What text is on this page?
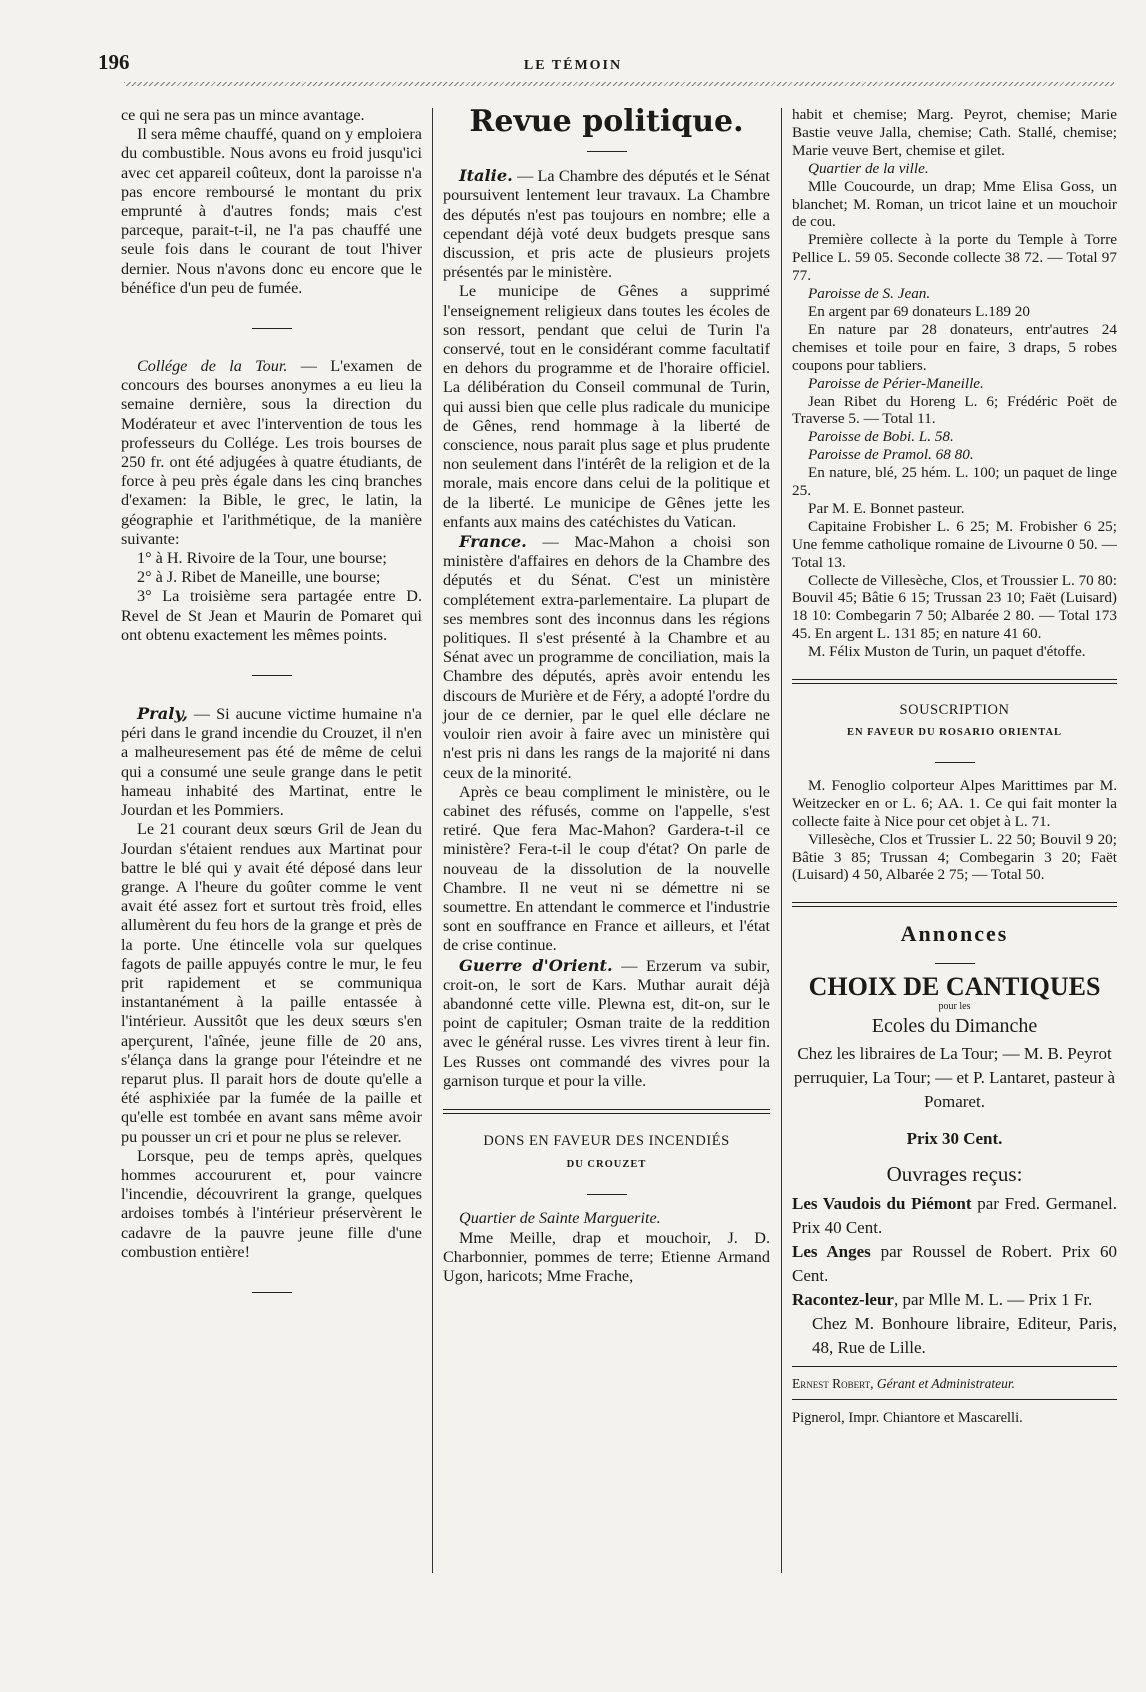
196	LE TÉMOIN

ce qui ne sera pas un mince avantage.

Il sera même chauffé, quand on y emploiera du combustible. Nous avons eu froid jusqu'ici avec cet appareil coûteux, dont la paroisse n'a pas encore remboursé le montant du prix emprunté à d'autres fonds; mais c'est parceque, parait-t-il, ne l'a pas chauffé une seule fois dans le courant de tout l'hiver dernier. Nous n'avons donc eu encore que le bénéfice d'un peu de fumée.

Collége de la Tour. — L'examen de concours des bourses anonymes a eu lieu la semaine dernière, sous la direction du Modérateur et avec l'intervention de tous les professeurs du Collége. Les trois bourses de 250 fr. ont été adjugées à quatre étudiants, de force à peu près égale dans les cinq branches d'examen: la Bible, le grec, le latin, la géographie et l'arithmétique, de la manière suivante:

1° à H. Rivoire de la Tour, une bourse;

2° à J. Ribet de Maneille, une bourse;

3° La troisième sera partagée entre D. Revel de St Jean et Maurin de Pomaret qui ont obtenu exactement les mêmes points.

Praly, — Si aucune victime humaine n'a péri dans le grand incendie du Crouzet, il n'en a malheuresement pas été de même de celui qui a consumé une seule grange dans le petit hameau inhabité des Martinat, entre le Jourdan et les Pommiers.

Le 21 courant deux sœurs Gril de Jean du Jourdan s'étaient rendues aux Martinat pour battre le blé qui y avait été déposé dans leur grange. A l'heure du goûter comme le vent avait été assez fort et surtout très froid, elles allumèrent du feu hors de la grange et près de la porte. Une étincelle vola sur quelques fagots de paille appuyés contre le mur, le feu prit rapidement et se communiqua instantanément à la paille entassée à l'intérieur. Aussitôt que les deux sœurs s'en aperçurent, l'aînée, jeune fille de 20 ans, s'élança dans la grange pour l'éteindre et ne reparut plus. Il parait hors de doute qu'elle a été asphixiée par la fumée de la paille et qu'elle est tombée en avant sans même avoir pu pousser un cri et pour ne plus se relever.

Lorsque, peu de temps après, quelques hommes accoururent et, pour vaincre l'incendie, découvrirent la grange, quelques ardoises tombés à l'intérieur préservèrent le cadavre de la pauvre jeune fille d'une combustion entière!

Revue politique.

Italie. — La Chambre des députés et le Sénat poursuivent lentement leur travaux. La Chambre des députés n'est pas toujours en nombre; elle a cependant déjà voté deux budgets presque sans discussion, et pris acte de plusieurs projets présentés par le ministère.

Le municipe de Gênes a supprimé l'enseignement religieux dans toutes les écoles de son ressort, pendant que celui de Turin l'a conservé, tout en le considérant comme facultatif en dehors du programme et de l'horaire officiel. La délibération du Conseil communal de Turin, qui aussi bien que celle plus radicale du municipe de Gênes, rend hommage à la liberté de conscience, nous parait plus sage et plus prudente non seulement dans l'intérêt de la religion et de la morale, mais encore dans celui de la politique et de la liberté. Le municipe de Gênes jette les enfants aux mains des catéchistes du Vatican.

France. — Mac-Mahon a choisi son ministère d'affaires en dehors de la Chambre des députés et du Sénat. C'est un ministère complétement extra-parlementaire. La plupart de ses membres sont des inconnus dans les régions politiques. Il s'est présenté à la Chambre et au Sénat avec un programme de conciliation, mais la Chambre des députés, après avoir entendu les discours de Murière et de Féry, a adopté l'ordre du jour de ce dernier, par le quel elle déclare ne vouloir rien avoir à faire avec un ministère qui n'est pris ni dans les rangs de la majorité ni dans ceux de la minorité.

Après ce beau compliment le ministère, ou le cabinet des réfusés, comme on l'appelle, s'est retiré. Que fera Mac-Mahon? Gardera-t-il ce ministère? Fera-t-il le coup d'état? On parle de nouveau de la dissolution de la nouvelle Chambre. Il ne veut ni se démettre ni se soumettre. En attendant le commerce et l'industrie sont en souffrance en France et ailleurs, et l'état de crise continue.

Guerre d'Orient. — Erzerum va subir, croit-on, le sort de Kars. Muthar aurait déjà abandonné cette ville. Plewna est, dit-on, sur le point de capituler; Osman traite de la reddition avec le général russe. Les vivres tirent à leur fin. Les Russes ont commandé des vivres pour la garnison turque et pour la ville.

DONS EN FAVEUR DES INCENDIÉS
DU CROUZET

Quartier de Sainte Marguerite.

Mme Meille, drap et mouchoir, J. D. Charbonnier, pommes de terre; Etienne Armand Ugon, haricots; Mme Frache,

habit et chemise; Marg. Peyrot, chemise; Marie Bastie veuve Jalla, chemise; Cath. Stallé, chemise; Marie veuve Bert, chemise et gilet.

Quartier de la ville.

Mlle Coucourde, un drap; Mme Elisa Goss, un blanchet; M. Roman, un tricot laine et un mouchoir de cou.

Première collecte à la porte du Temple à Torre Pellice L. 59 05. Seconde collecte 38 72. — Total 97 77.

Paroisse de S. Jean.

En argent par 69 donateurs L.189 20

En nature par 28 donateurs, entr'autres 24 chemises et toile pour en faire, 3 draps, 5 robes coupons pour tabliers.

Paroisse de Périer-Maneille.

Jean Ribet du Horeng L. 6; Frédéric Poët de Traverse 5. — Total 11.

Paroisse de Bobi. L. 58.

Paroisse de Pramol. 68 80.

En nature, blé, 25 hém. L. 100; un paquet de linge 25.

Par M. E. Bonnet pasteur.

Capitaine Frobisher L. 6 25; M. Frobisher 6 25; Une femme catholique romaine de Livourne 0 50. — Total 13.

Collecte de Villesèche, Clos, et Troussier L. 70 80: Bouvil 45; Bâtie 6 15; Trussan 23 10; Faët (Luisard) 18 10: Combegarin 7 50; Albarée 2 80. — Total 173 45. En argent L. 131 85; en nature 41 60.

M. Félix Muston de Turin, un paquet d'étoffe.

SOUSCRIPTION
EN FAVEUR DU ROSARIO ORIENTAL

M. Fenoglio colporteur Alpes Marittimes par M. Weitzecker en or L. 6; AA. 1. Ce qui fait monter la collecte faite à Nice pour cet objet à L. 71.

Villesèche, Clos et Trussier L. 22 50; Bouvil 9 20; Bâtie 3 85; Trussan 4; Combegarin 3 20; Faët (Luisard) 4 50, Albarée 2 75; — Total 50.

Annonces
CHOIX DE CANTIQUES
pour les
Ecoles du Dimanche

Chez les libraires de La Tour; — M. B. Peyrot perruquier, La Tour; — et P. Lantaret, pasteur à Pomaret.

Prix 30 Cent.
Ouvrages reçus:

Les Vaudois du Piémont par Fred. Germanel. Prix 40 Cent.

Les Anges par Roussel de Robert. Prix 60 Cent.

Racontez-leur, par Mlle M. L. — Prix 1 Fr.

Chez M. Bonhoure libraire, Editeur, Paris, 48, Rue de Lille.

Ernest Robert, Gérant et Administrateur.

Pignerol, Impr. Chiantore et Mascarelli.
